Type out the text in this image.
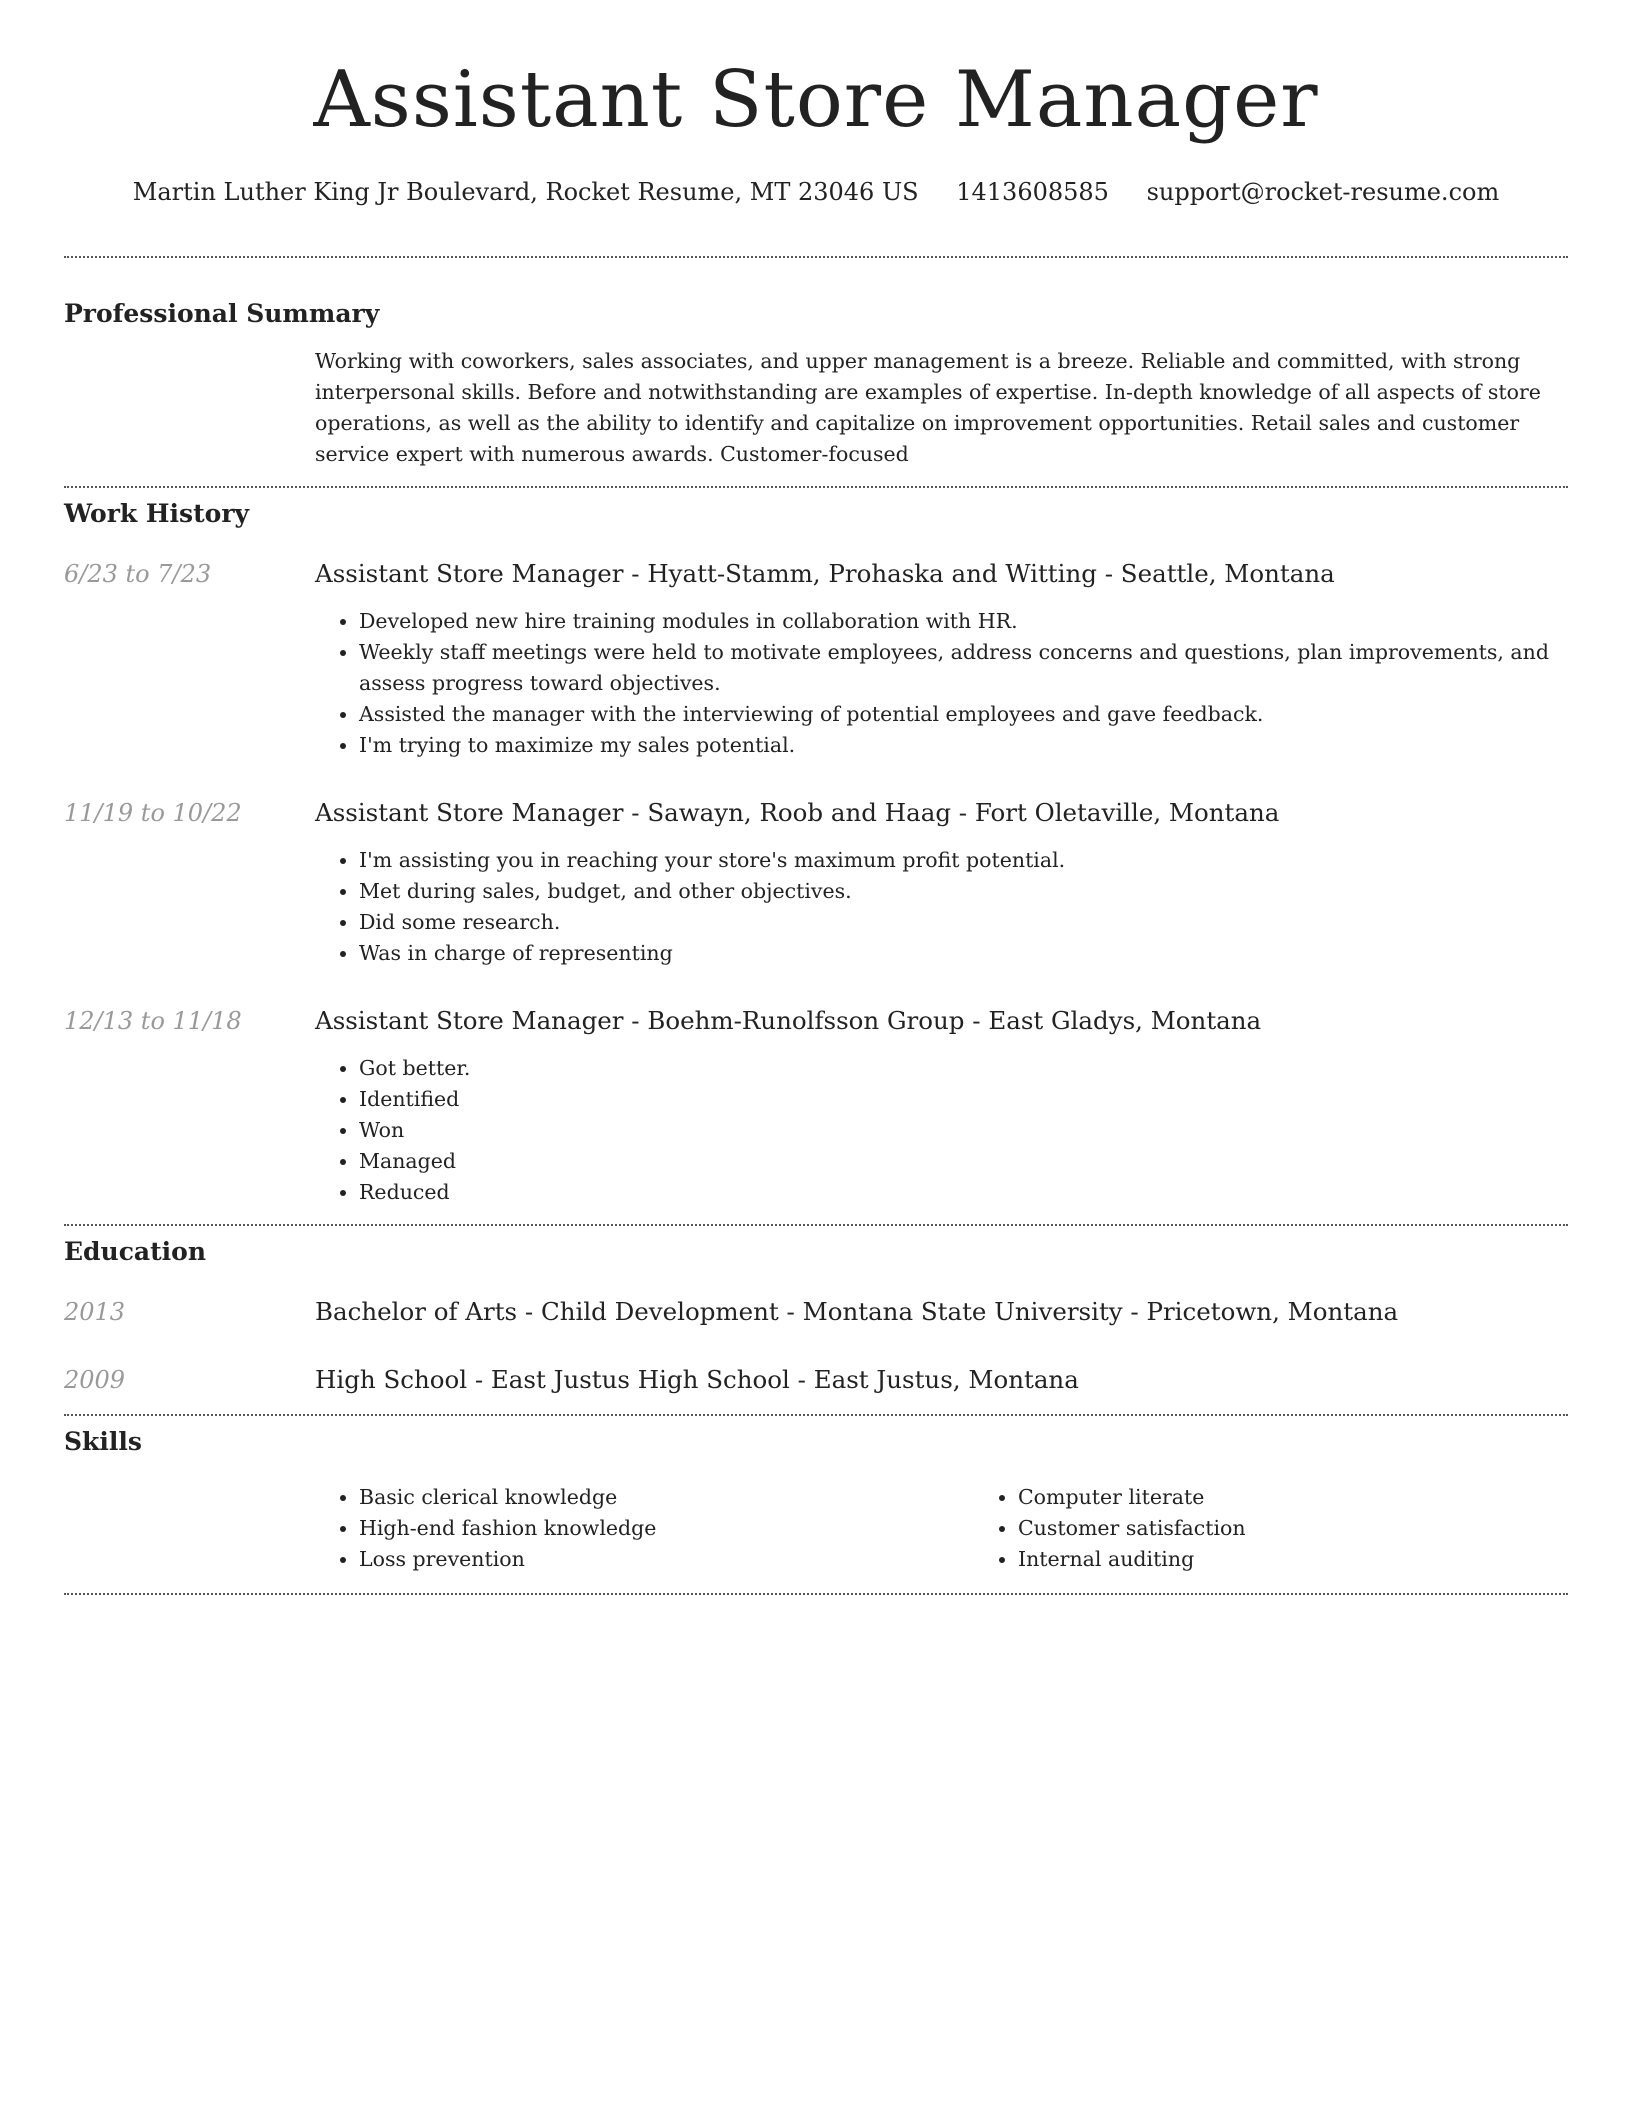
Assistant Store Manager
Martin Luther King Jr Boulevard, Rocket Resume, MT 23046 US 1413608585 support@rocket-resume.com
Professional Summary

Working with coworkers, sales associates, and upper management is a breeze. Reliable and committed, with strong interpersonal skills. Before and notwithstanding are examples of expertise. In-depth knowledge of all aspects of store operations, as well as the ability to identify and capitalize on improvement opportunities. Retail sales and customer service expert with numerous awards. Customer-focused

Work History
6/23 to 7/23	Assistant Store Manager - Hyatt-Stamm, Prohaska and Witting - Seattle, Montana
• Developed new hire training modules in collaboration with HR.
• Weekly staff meetings were held to motivate employees, address concerns and questions, plan improvements, and assess progress toward objectives.
• Assisted the manager with the interviewing of potential employees and gave feedback.
• I'm trying to maximize my sales potential.
11/19 to 10/22	Assistant Store Manager - Sawayn, Roob and Haag - Fort Oletaville, Montana
• I'm assisting you in reaching your store's maximum profit potential.
• Met during sales, budget, and other objectives.
• Did some research.
• Was in charge of representing
12/13 to 11/18	Assistant Store Manager - Boehm-Runolfsson Group - East Gladys, Montana
• Got better.
• Identified
• Won
• Managed
• Reduced
Education
2013	Bachelor of Arts - Child Development - Montana State University - Pricetown, Montana
2009	High School - East Justus High School - East Justus, Montana
Skills
• Basic clerical knowledge
• High-end fashion knowledge
• Loss prevention
• Computer literate
• Customer satisfaction
• Internal auditing
